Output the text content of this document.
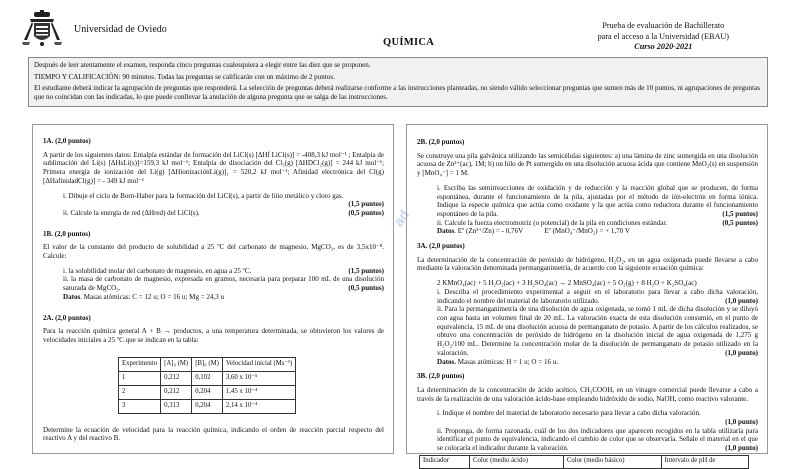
Universidad de Oviedo
QUÍMICA
Prueba de evaluación de Bachillerato
para el acceso a la Universidad (EBAU)
Curso 2020-2021

Después de leer atentamente el examen, responda cinco preguntas cualesquiera a elegir entre las diez que se proponen.

TIEMPO Y CALIFICACIÓN: 90 minutos. Todas las preguntas se calificarán con un máximo de 2 puntos.

El estudiante deberá indicar la agrupación de preguntas que responderá. La selección de preguntas deberá realizarse conforme a las instrucciones planteadas, no siendo válido seleccionar preguntas que sumen más de 10 puntos, ni agrupaciones de preguntas que no coincidan con las indicadas, lo que puede conllevar la anulación de alguna pregunta que se salga de las instrucciones.

1A. (2,0 puntos)

A partir de los siguientes datos: Entalpía estándar de formación del LiCl(s) [ΔHf LiCl(s)] = -408,3 kJ mol⁻¹ ; Entalpía de sublimación del Li(s) [ΔHsLi(s)]=159,3 kJ mol⁻¹; Entalpía de disociación del Cl₂(g) [ΔHDCl₂(g)] = 244 kJ mol⁻¹; Primera energía de ionización del Li(g) [ΔHionizaciónLi(g)]₁ = 520,2 kJ mol⁻¹; Afinidad electrónica del Cl(g) [ΔHafinidadCl(g)] = - 349 kJ mol⁻¹

i. Dibuje el ciclo de Born-Haber para la formación del LiCl(s), a partir de litio metálico y cloro gas.

(1,5 puntos)
ii. Calcule la energía de red (ΔHred) del LiCl(s).	(0,5 puntos)

1B. (2,0 puntos)

El valor de la constante del producto de solubilidad a 25 ºC del carbonato de magnesio, MgCO₃, es de 3,5x10⁻⁸. Calcule:

i. la solubilidad molar del carbonato de magnesio, en agua a 25 ºC.	(1,5 puntos)

ii. la masa de carbonato de magnesio, expresada en gramos, necesaria para preparar 100 mL de una disolución saturada de MgCO₃.	(0,5 puntos)

Datos. Masas atómicas: C = 12 u; O = 16 u; Mg = 24,3 u

2A. (2,0 puntos)

Para la reacción química general A + B → productos, a una temperatura determinada, se obtuvieron los valores de velocidades iniciales a 25 ºC que se indican en la tabla:

Experimento	[A]₀ (M)	[B]₀ (M)	Velocidad inicial (Ms⁻¹)
1	0,212	0,102	3,60 x 10⁻⁵
2	0,212	0,204	1,45 x 10⁻⁴
3	0,313	0,204	2,14 x 10⁻⁴

Determine la ecuación de velocidad para la reacción química, indicando el orden de reacción parcial respecto del reactivo A y del reactivo B.

ad

2B. (2,0 puntos)

Se construye una pila galvánica utilizando las semicélulas siguientes: a) una lámina de zinc sumergida en una disolución acuosa de Zn²⁺(ac), 1M; b) un hilo de Pt sumergido en una disolución acuosa ácida que contiene MnO₂(s) en suspensión y [MnO₄⁻] = 1 M.

i. Escriba las semirreacciones de oxidación y de reducción y la reacción global que se producen, de forma espontánea, durante el funcionamiento de la pila, ajustadas por el método de ión-electrón en forma iónica. Indique la especie química que actúa como oxidante y la que actúa como reductora durante el funcionamiento espontáneo de la pila.	(1,5 puntos)
ii. Calcule la fuerza electromotriz (o potencial) de la pila en condiciones estándar.	(0,5 puntos)

Datos. Eº (Zn²⁺/Zn) = - 0,76V	Eº (MnO₄⁻/MnO₂) = + 1,70 V

3A. (2,0 puntos)

La determinación de la concentración de peróxido de hidrógeno, H₂O₂, en un agua oxigenada puede llevarse a cabo mediante la valoración denominada permanganimetría, de acuerdo con la siguiente ecuación química:

2 KMnO₄(ac) + 5 H₂O₂(ac) + 3 H₂SO₄(ac) → 2 MnSO₄(ac) + 5 O₂(g) + 8 H₂O + K₂SO₄(ac)

i. Describa el procedimiento experimental a seguir en el laboratorio para llevar a cabo dicha valoración, indicando el nombre del material de laboratorio utilizado.	(1,0 punto)

ii. Para la permanganimetría de una disolución de agua oxigenada, se tomó 1 mL de dicha disolución y se diluyó con agua hasta un volumen final de 20 mL. La valoración exacta de esta disolución consumió, en el punto de equivalencia, 15 mL de una disolución acuosa de permanganato de potasio. A partir de los cálculos realizados, se obtuvo una concentración de peróxido de hidrógeno en la disolución inicial de agua oxigenada de 1,275 g H₂O₂/100 mL. Determine la concentración molar de la disolución de permanganato de potasio utilizado en la valoración.	(1,0 punto)

Datos. Masas atómicas: H = 1 u; O = 16 u.

3B. (2,0 puntos)

La determinación de la concentración de ácido acético, CH₃COOH, en un vinagre comercial puede llevarse a cabo a través de la realización de una valoración ácido-base empleando hidróxido de sodio, NaOH, como reactivo valorante.

i. Indique el nombre del material de laboratorio necesario para llevar a cabo dicha valoración.

(1,0 punto)

ii. Proponga, de forma razonada, cuál de los dos indicadores que aparecen recogidos en la tabla utilizaría para identificar el punto de equivalencia, indicando el cambio de color que se observaría. Señale el material en el que se colocaría el indicador durante la valoración.	(1,0 punto)
Indicador	Color (medio ácido)	Color (medio básico)	Intervalo de pH de
